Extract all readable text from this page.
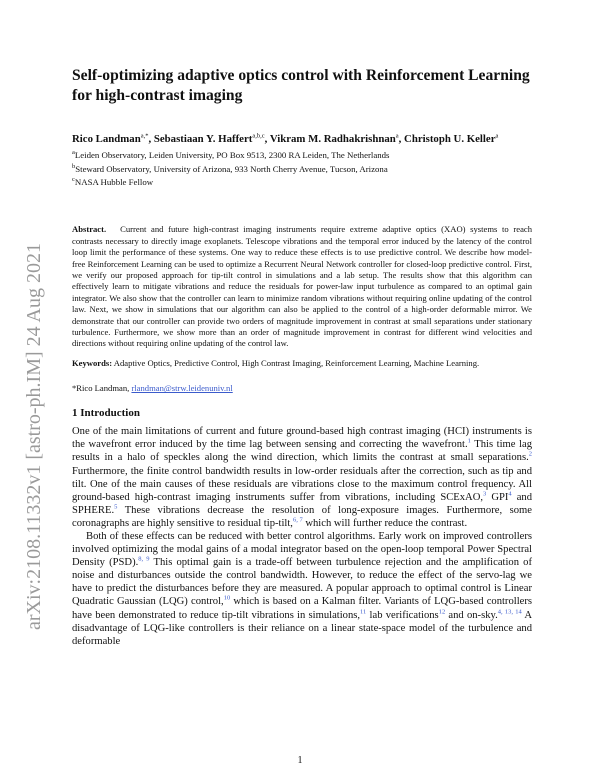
arXiv:2108.11332v1 [astro-ph.IM] 24 Aug 2021
Self-optimizing adaptive optics control with Reinforcement Learning
for high-contrast imaging
Rico Landman$^{a,*}$, Sebastiaan Y. Haffert$^{a,b,c}$, Vikram M. Radhakrishnan$^a$, Christoph U. Keller$^a$
$^a$Leiden Observatory, Leiden University, PO Box 9513, 2300 RA Leiden, The Netherlands
$^b$Steward Observatory, University of Arizona, 933 North Cherry Avenue, Tucson, Arizona
$^c$NASA Hubble Fellow
Abstract. Current and future high-contrast imaging instruments require extreme adaptive optics (XAO) systems to reach contrasts necessary to directly image exoplanets. Telescope vibrations and the temporal error induced by the latency of the control loop limit the performance of these systems. One way to reduce these effects is to use predictive control. We describe how model-free Reinforcement Learning can be used to optimize a Recurrent Neural Network controller for closed-loop predictive control. First, we verify our proposed approach for tip-tilt control in simulations and a lab setup. The results show that this algorithm can effectively learn to mitigate vibrations and reduce the residuals for power-law input turbulence as compared to an optimal gain integrator. We also show that the controller can learn to minimize random vibrations without requiring online updating of the control law. Next, we show in simulations that our algorithm can also be applied to the control of a high-order deformable mirror. We demonstrate that our controller can provide two orders of magnitude improvement in contrast at small separations under stationary turbulence. Furthermore, we show more than an order of magnitude improvement in contrast for different wind velocities and directions without requiring online updating of the control law.
Keywords: Adaptive Optics, Predictive Control, High Contrast Imaging, Reinforcement Learning, Machine Learning.
*Rico Landman, rlandman@strw.leidenuniv.nl
1 Introduction

One of the main limitations of current and future ground-based high contrast imaging (HCI) instruments is the wavefront error induced by the time lag between sensing and correcting the wavefront.$^1$ This time lag results in a halo of speckles along the wind direction, which limits the contrast at small separations.$^2$ Furthermore, the finite control bandwidth results in low-order residuals after the correction, such as tip and tilt. One of the main causes of these residuals are vibrations close to the maximum control frequency. All ground-based high-contrast imaging instruments suffer from vibrations, including SCExAO,$^3$ GPI$^4$ and SPHERE.$^5$ These vibrations decrease the resolution of long-exposure images. Furthermore, some coronagraphs are highly sensitive to residual tip-tilt,$^{6, 7}$ which will further reduce the contrast.

Both of these effects can be reduced with better control algorithms. Early work on improved controllers involved optimizing the modal gains of a modal integrator based on the open-loop temporal Power Spectral Density (PSD).$^{8, 9}$ This optimal gain is a trade-off between turbulence rejection and the amplification of noise and disturbances outside the control bandwidth. However, to reduce the effect of the servo-lag we have to predict the disturbances before they are measured. A popular approach to optimal control is Linear Quadratic Gaussian (LQG) control,$^{10}$ which is based on a Kalman filter. Variants of LQG-based controllers have been demonstrated to reduce tip-tilt vibrations in simulations,$^{11}$ lab verifications$^{12}$ and on-sky.$^{4, 13, 14}$ A disadvantage of LQG-like controllers is their reliance on a linear state-space model of the turbulence and deformable

1
